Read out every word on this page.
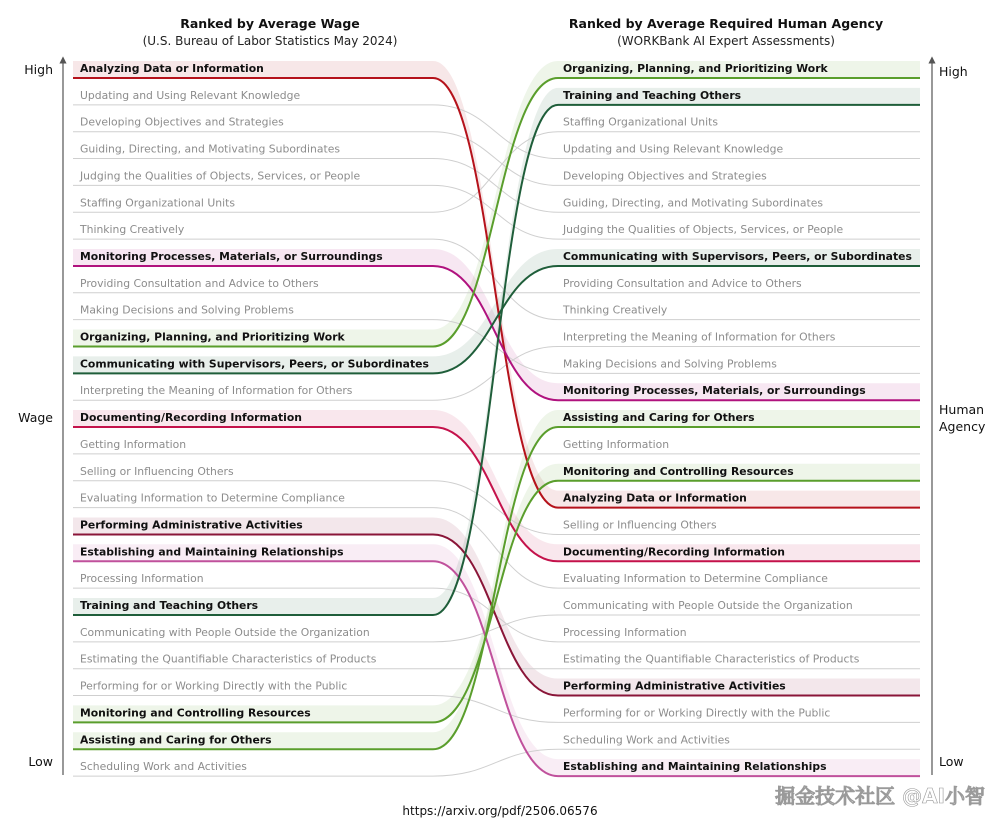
Ranked by Average Wage
(U.S. Bureau of Labor Statistics May 2024)
Ranked by Average Required Human Agency
(WORKBank AI Expert Assessments)
High
Wage
Low
High
Human
Agency
Low
Analyzing Data or Information
Updating and Using Relevant Knowledge
Developing Objectives and Strategies
Guiding, Directing, and Motivating Subordinates
Judging the Qualities of Objects, Services, or People
Staffing Organizational Units
Thinking Creatively
Monitoring Processes, Materials, or Surroundings
Providing Consultation and Advice to Others
Making Decisions and Solving Problems
Organizing, Planning, and Prioritizing Work
Communicating with Supervisors, Peers, or Subordinates
Interpreting the Meaning of Information for Others
Documenting/Recording Information
Getting Information
Selling or Influencing Others
Evaluating Information to Determine Compliance
Performing Administrative Activities
Establishing and Maintaining Relationships
Processing Information
Training and Teaching Others
Communicating with People Outside the Organization
Estimating the Quantifiable Characteristics of Products
Performing for or Working Directly with the Public
Monitoring and Controlling Resources
Assisting and Caring for Others
Scheduling Work and Activities
Organizing, Planning, and Prioritizing Work
Training and Teaching Others
Staffing Organizational Units
Updating and Using Relevant Knowledge
Developing Objectives and Strategies
Guiding, Directing, and Motivating Subordinates
Judging the Qualities of Objects, Services, or People
Communicating with Supervisors, Peers, or Subordinates
Providing Consultation and Advice to Others
Thinking Creatively
Interpreting the Meaning of Information for Others
Making Decisions and Solving Problems
Monitoring Processes, Materials, or Surroundings
Assisting and Caring for Others
Getting Information
Monitoring and Controlling Resources
Analyzing Data or Information
Selling or Influencing Others
Documenting/Recording Information
Evaluating Information to Determine Compliance
Communicating with People Outside the Organization
Processing Information
Estimating the Quantifiable Characteristics of Products
Performing Administrative Activities
Performing for or Working Directly with the Public
Scheduling Work and Activities
Establishing and Maintaining Relationships
https://arxiv.org/pdf/2506.06576
掘金技术社区 @AI小智
